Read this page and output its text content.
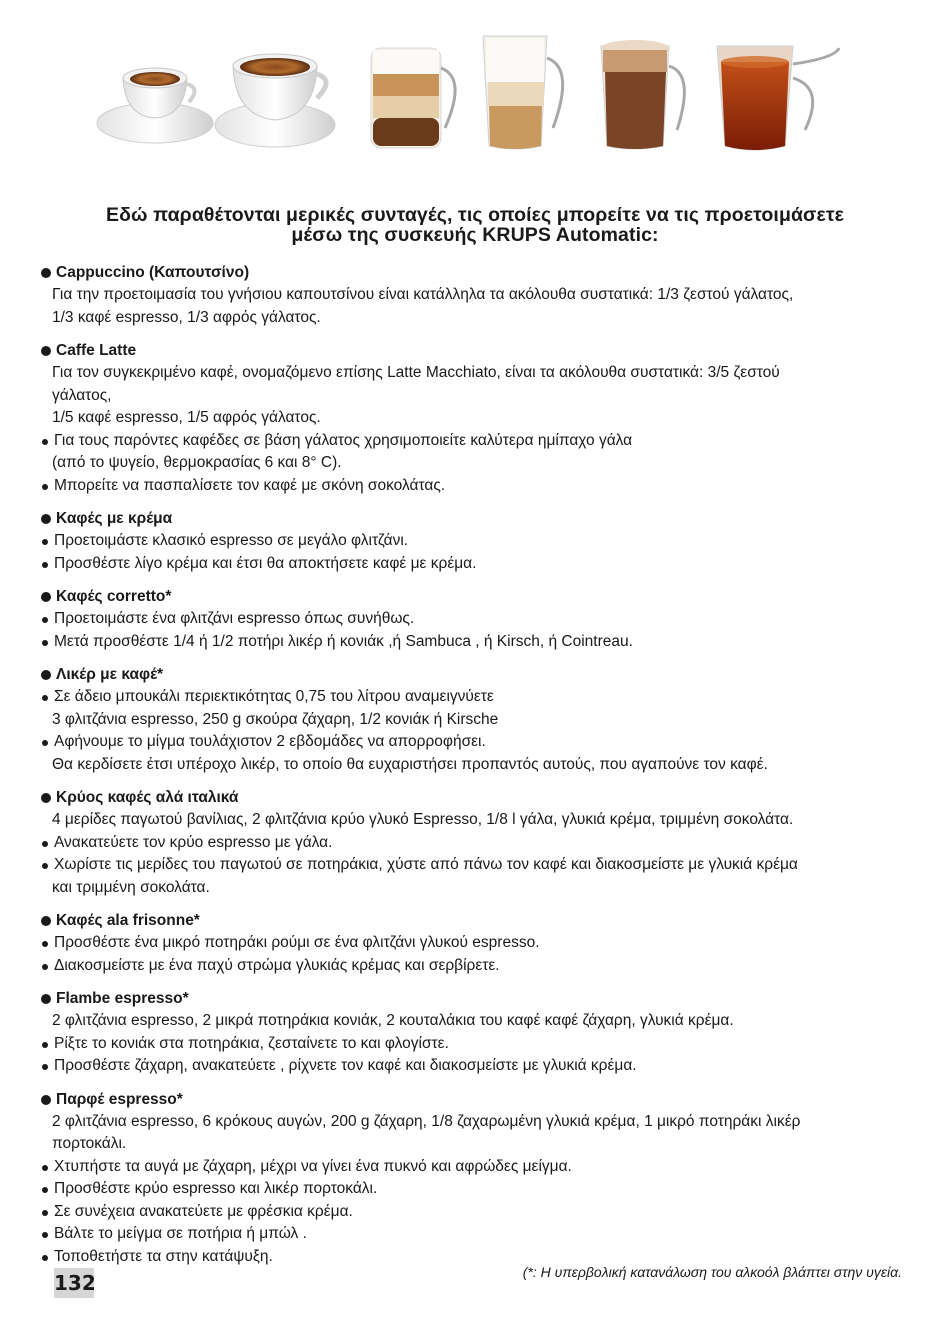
Εδώ παραθέτονται μερικές συνταγές, τις οποίες μπορείτε να τις προετοιμάσετε
μέσω της συσκευής KRUPS Automatic:
Cappuccino (Καπουτσίνο)
Για την προετοιμασία του γνήσιου καπουτσίνου είναι κατάλληλα τα ακόλουθα συστατικά: 1/3 ζεστού γάλατος,
1/3 καφέ espresso, 1/3 αφρός γάλατος.
Caffe Latte
Για τον συγκεκριμένο καφέ, ονομαζόμενο επίσης Latte Macchiato, είναι τα ακόλουθα συστατικά: 3/5 ζεστού
γάλατος,
1/5 καφέ espresso, 1/5 αφρός γάλατος.
Για τους παρόντες καφέδες σε βάση γάλατος χρησιμοποιείτε καλύτερα ημίπαχο γάλα
(από το ψυγείο, θερμοκρασίας 6 και 8° C).
Μπορείτε να πασπαλίσετε τον καφέ με σκόνη σοκολάτας.
Καφές με κρέμα
Προετοιμάστε κλασικό espresso σε μεγάλο φλιτζάνι.
Προσθέστε λίγο κρέμα και έτσι θα αποκτήσετε καφέ με κρέμα.
Καφές corretto*
Προετοιμάστε ένα φλιτζάνι espresso όπως συνήθως.
Μετά προσθέστε 1/4 ή 1/2 ποτήρι λικέρ ή κονιάκ ,ή Sambuca , ή Kirsch, ή Cointreau.
Λικέρ με καφέ*
Σε άδειο μπουκάλι περιεκτικότητας 0,75 του λίτρου αναμειγνύετε
3 φλιτζάνια espresso, 250 g σκούρα ζάχαρη, 1/2 κονιάκ ή Kirsche
Αφήνουμε το μίγμα τουλάχιστον 2 εβδομάδες να απορροφήσει.
Θα κερδίσετε έτσι υπέροχο λικέρ, το οποίο θα ευχαριστήσει προπαντός αυτούς, που αγαπούνε τον καφέ.
Κρύος καφές αλά ιταλικά
4 μερίδες παγωτού βανίλιας, 2 φλιτζάνια κρύο γλυκό Espresso, 1/8 l γάλα, γλυκιά κρέμα, τριμμένη σοκολάτα.
Ανακατεύετε τον κρύο espresso με γάλα.
Χωρίστε τις μερίδες του παγωτού σε ποτηράκια, χύστε από πάνω τον καφέ και διακοσμείστε με γλυκιά κρέμα
και τριμμένη σοκολάτα.
Καφές ala frisonne*
Προσθέστε ένα μικρό ποτηράκι ρούμι σε ένα φλιτζάνι γλυκού espresso.
Διακοσμείστε με ένα παχύ στρώμα γλυκιάς κρέμας και σερβίρετε.
Flambe espresso*
2 φλιτζάνια espresso, 2 μικρά ποτηράκια κονιάκ, 2 κουταλάκια του καφέ καφέ ζάχαρη, γλυκιά κρέμα.
Ρίξτε το κονιάκ στα ποτηράκια, ζεσταίνετε το και φλογίστε.
Προσθέστε ζάχαρη, ανακατεύετε , ρίχνετε τον καφέ και διακοσμείστε με γλυκιά κρέμα.
Παρφέ espresso*
2 φλιτζάνια espresso, 6 κρόκους αυγών, 200 g ζάχαρη, 1/8 ζαχαρωμένη γλυκιά κρέμα, 1 μικρό ποτηράκι λικέρ
πορτοκάλι.
Χτυπήστε τα αυγά με ζάχαρη, μέχρι να γίνει ένα πυκνό και αφρώδες μείγμα.
Προσθέστε κρύο espresso και λικέρ πορτοκάλι.
Σε συνέχεια ανακατεύετε με φρέσκια κρέμα.
Βάλτε το μείγμα σε ποτήρια ή μπώλ .
Τοποθετήστε τα στην κατάψυξη.
(*: Η υπερβολική κατανάλωση του αλκοόλ βλάπτει στην υγεία.
132
